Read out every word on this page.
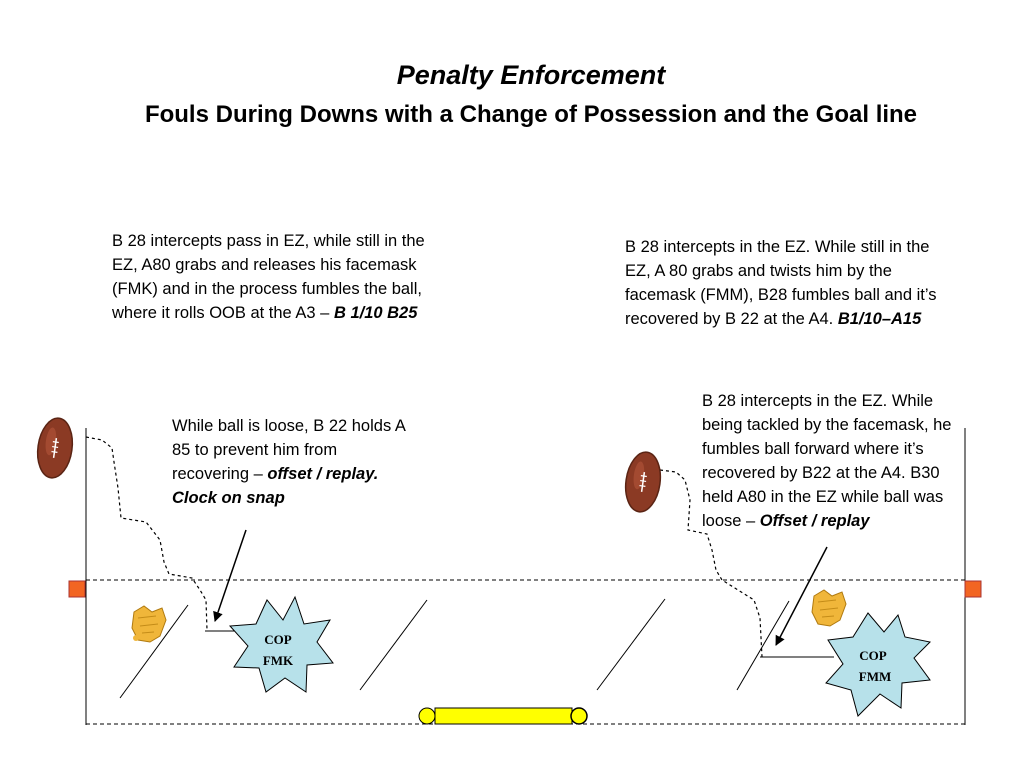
Penalty Enforcement
Fouls During Downs with a Change of Possession and the Goal line

B 28 intercepts pass in EZ, while still in the EZ, A80 grabs and releases his facemask (FMK) and in the process fumbles the ball, where it rolls OOB at the A3 – B 1/10 B25

B 28 intercepts in the EZ. While still in the EZ, A 80 grabs and twists him by the facemask (FMM), B28 fumbles ball and it’s recovered by B 22 at the A4. B1/10–A15

While ball is loose, B 22 holds A 85 to prevent him from recovering – offset / replay. Clock on snap

B 28 intercepts in the EZ. While being tackled by the facemask, he fumbles ball forward where it’s recovered by B22 at the A4. B30 held A80 in the EZ while ball was loose – Offset / replay

COP
FMK	COP
FMM
